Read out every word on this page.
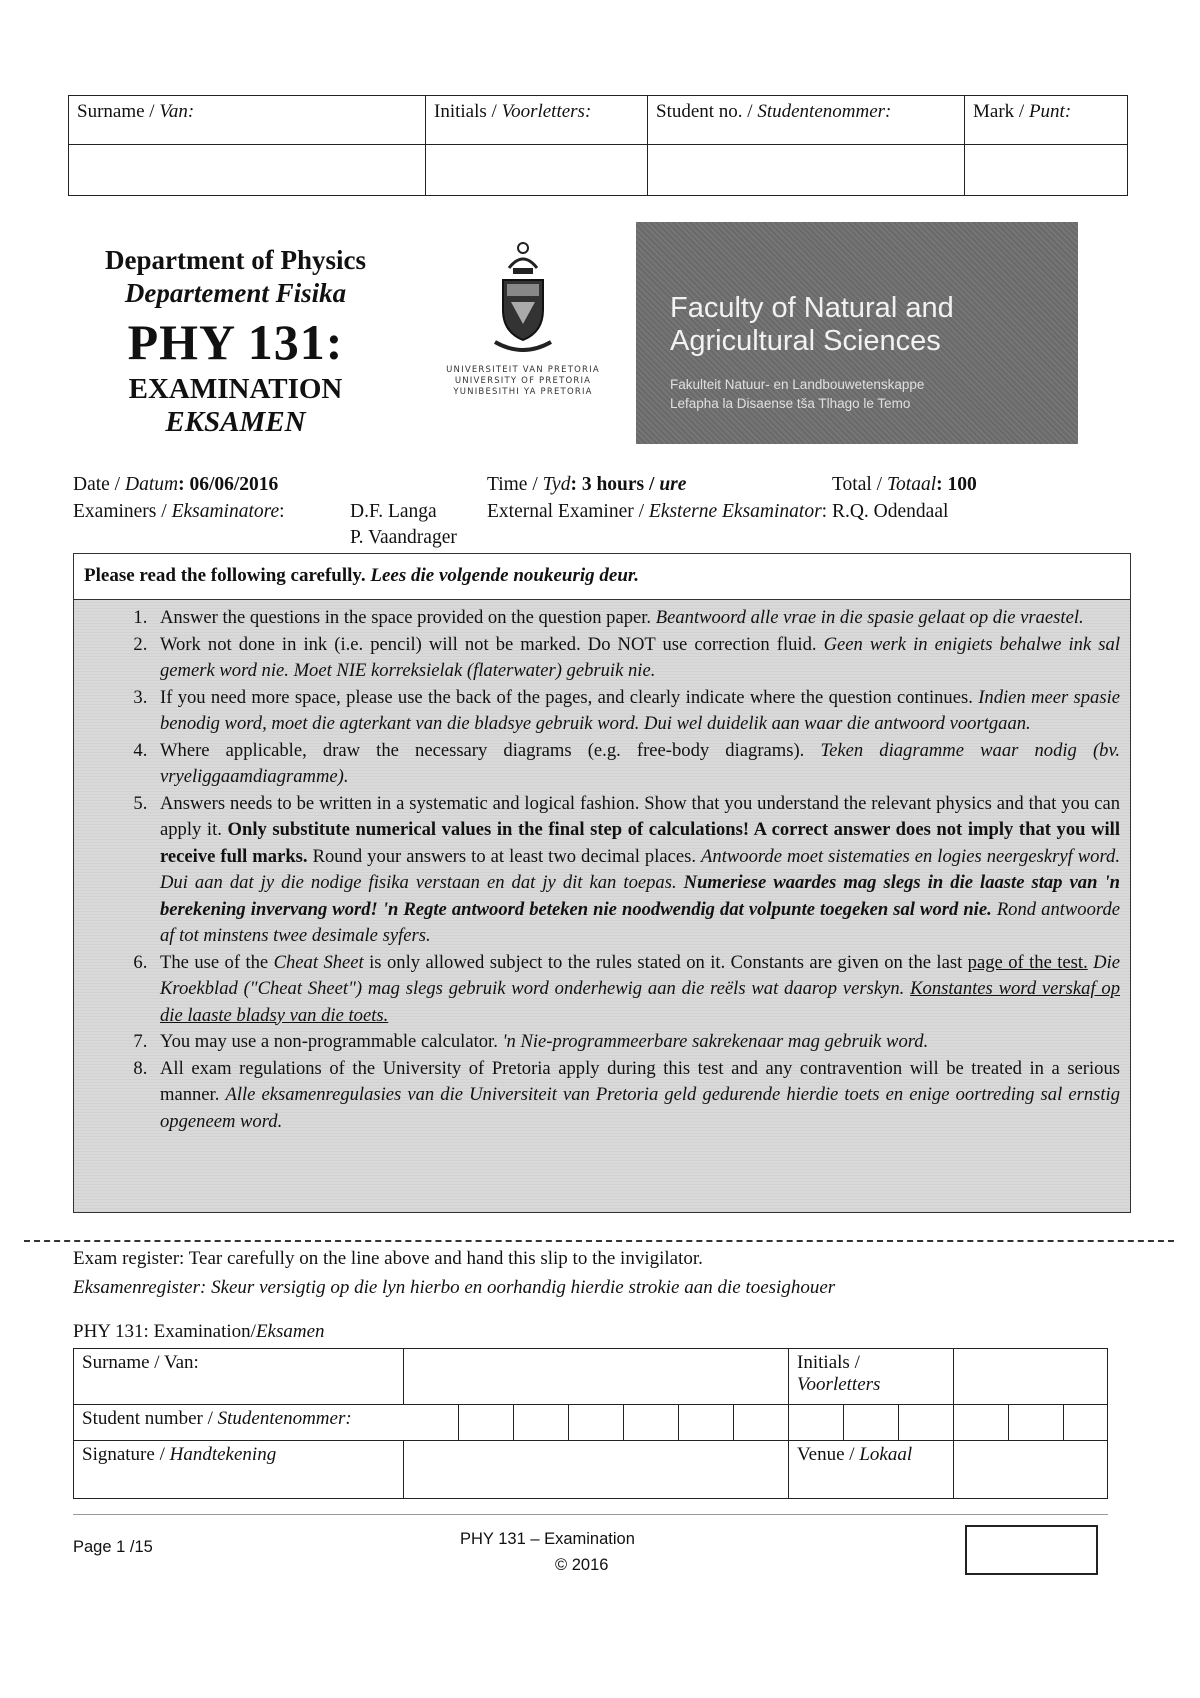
Surname / Van:	Initials / Voorletters:	Student no. / Studentenommer:	Mark / Punt:

Department of Physics
Departement Fisika
PHY 131:
EXAMINATION
EKSAMEN
UNIVERSITEIT VAN PRETORIA
UNIVERSITY OF PRETORIA
YUNIBESITHI YA PRETORIA
Faculty of Natural and
Agricultural Sciences
Fakulteit Natuur- en Landbouwetenskappe
Lefapha la Disaense tša Tlhago le Temo
Date / Datum: 06/06/2016	Time / Tyd: 3 hours / ure	Total / Totaal: 100
Examiners / Eksaminatore:	D.F. Langa
P. Vaandrager
External Examiner / Eksterne Eksaminator: R.Q. Odendaal
Please read the following carefully. Lees die volgende noukeurig deur.
1. Answer the questions in the space provided on the question paper. Beantwoord alle vrae in die spasie gelaat op die vraestel.
2. Work not done in ink (i.e. pencil) will not be marked. Do NOT use correction fluid. Geen werk in enigiets behalwe ink sal gemerk word nie. Moet NIE korreksielak (flaterwater) gebruik nie.
3. If you need more space, please use the back of the pages, and clearly indicate where the question continues. Indien meer spasie benodig word, moet die agterkant van die bladsye gebruik word. Dui wel duidelik aan waar die antwoord voortgaan.
4. Where applicable, draw the necessary diagrams (e.g. free-body diagrams). Teken diagramme waar nodig (bv. vryeliggaamdiagramme).
5. Answers needs to be written in a systematic and logical fashion. Show that you understand the relevant physics and that you can apply it. Only substitute numerical values in the final step of calculations! A correct answer does not imply that you will receive full marks. Round your answers to at least two decimal places. Antwoorde moet sistematies en logies neergeskryf word. Dui aan dat jy die nodige fisika verstaan en dat jy dit kan toepas. Numeriese waardes mag slegs in die laaste stap van 'n berekening invervang word! 'n Regte antwoord beteken nie noodwendig dat volpunte toegeken sal word nie. Rond antwoorde af tot minstens twee desimale syfers.
6. The use of the Cheat Sheet is only allowed subject to the rules stated on it. Constants are given on the last page of the test. Die Kroekblad ("Cheat Sheet") mag slegs gebruik word onderhewig aan die reëls wat daarop verskyn. Konstantes word verskaf op die laaste bladsy van die toets.
7. You may use a non-programmable calculator. 'n Nie-programmeerbare sakrekenaar mag gebruik word.
8. All exam regulations of the University of Pretoria apply during this test and any contravention will be treated in a serious manner. Alle eksamenregulasies van die Universiteit van Pretoria geld gedurende hierdie toets en enige oortreding sal ernstig opgeneem word.
Exam register: Tear carefully on the line above and hand this slip to the invigilator.
Eksamenregister: Skeur versigtig op die lyn hierbo en oorhandig hierdie strokie aan die toesighouer
PHY 131: Examination/Eksamen
Surname / Van:								Initials /
Voorletters					
Student number / Studentenommer:													
Signature / Handtekening								Venue / Lokaal					
Page 1 /15	PHY 131 – Examination
© 2016
